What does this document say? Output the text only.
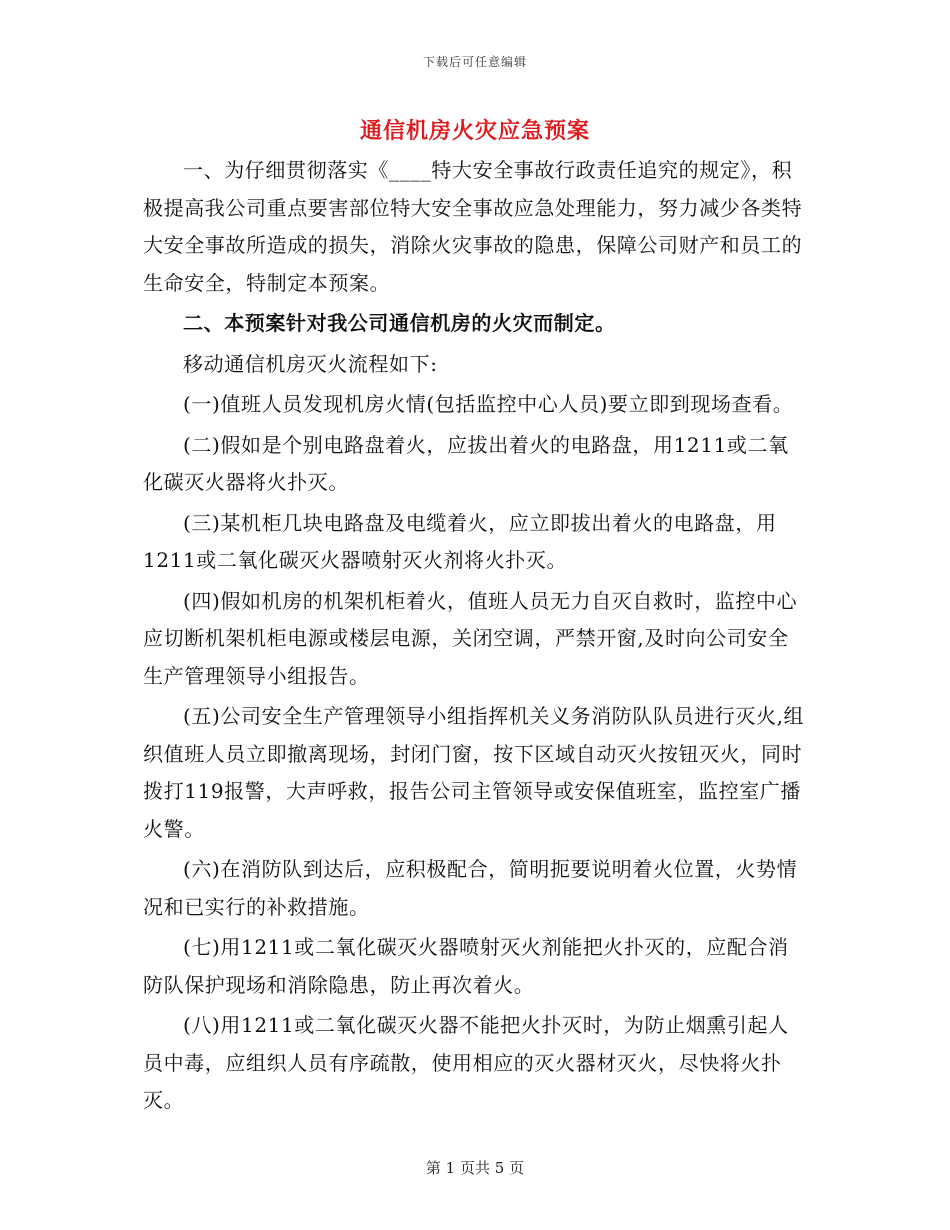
下载后可任意编辑
通信机房火灾应急预案

一、为仔细贯彻落实《____特大安全事故行政责任追究的规定》，积极提高我公司重点要害部位特大安全事故应急处理能力，努力减少各类特大安全事故所造成的损失，消除火灾事故的隐患，保障公司财产和员工的生命安全，特制定本预案。

二、本预案针对我公司通信机房的火灾而制定。

移动通信机房灭火流程如下:

(一)值班人员发现机房火情(包括监控中心人员)要立即到现场查看。

(二)假如是个别电路盘着火，应拔出着火的电路盘，用1211或二氧化碳灭火器将火扑灭。

(三)某机柜几块电路盘及电缆着火，应立即拔出着火的电路盘，用1211或二氧化碳灭火器喷射灭火剂将火扑灭。

(四)假如机房的机架机柜着火，值班人员无力自灭自救时，监控中心应切断机架机柜电源或楼层电源，关闭空调，严禁开窗,及时向公司安全生产管理领导小组报告。

(五)公司安全生产管理领导小组指挥机关义务消防队队员进行灭火,组织值班人员立即撤离现场，封闭门窗，按下区域自动灭火按钮灭火，同时拨打119报警，大声呼救，报告公司主管领导或安保值班室，监控室广播火警。

(六)在消防队到达后，应积极配合，简明扼要说明着火位置，火势情况和已实行的补救措施。

(七)用1211或二氧化碳灭火器喷射灭火剂能把火扑灭的，应配合消防队保护现场和消除隐患，防止再次着火。

(八)用1211或二氧化碳灭火器不能把火扑灭时，为防止烟熏引起人员中毒，应组织人员有序疏散，使用相应的灭火器材灭火，尽快将火扑灭。

第 1 页共 5 页
